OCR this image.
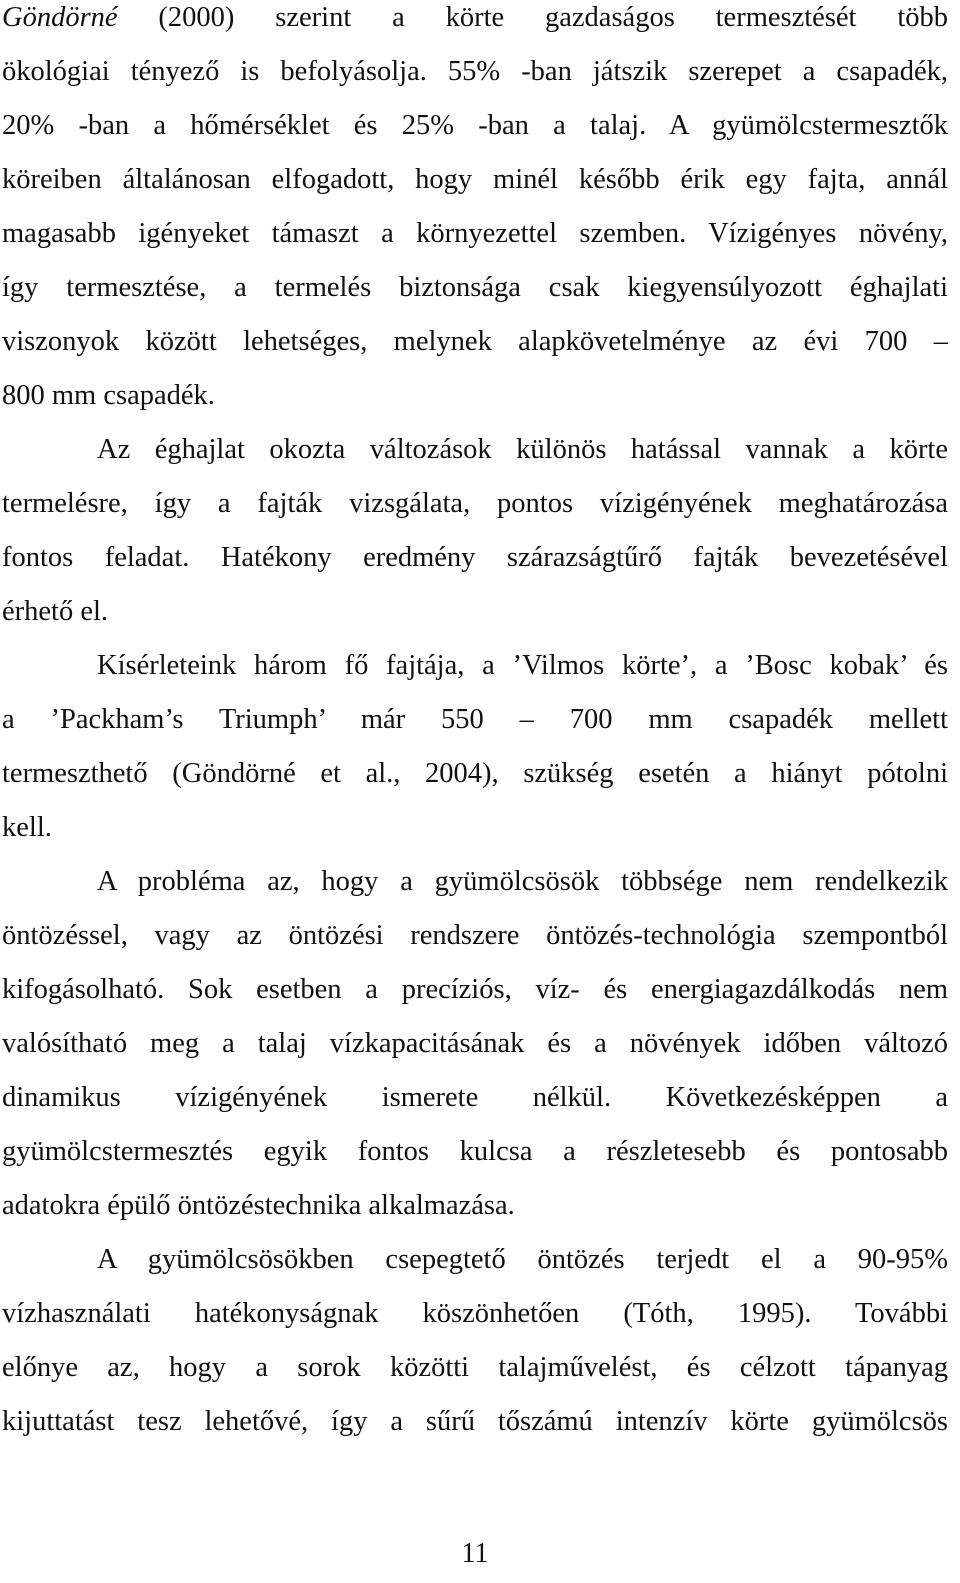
Göndörné (2000) szerint a körte gazdaságos termesztését több
ökológiai tényező is befolyásolja. 55% -ban játszik szerepet a csapadék,
20% -ban a hőmérséklet és 25% -ban a talaj. A gyümölcstermesztők
köreiben általánosan elfogadott, hogy minél később érik egy fajta, annál
magasabb igényeket támaszt a környezettel szemben. Vízigényes növény,
így termesztése, a termelés biztonsága csak kiegyensúlyozott éghajlati
viszonyok között lehetséges, melynek alapkövetelménye az évi 700 –
800 mm csapadék.
Az éghajlat okozta változások különös hatással vannak a körte
termelésre, így a fajták vizsgálata, pontos vízigényének meghatározása
fontos feladat. Hatékony eredmény szárazságtűrő fajták bevezetésével
érhető el.
Kísérleteink három fő fajtája, a ’Vilmos körte’, a ’Bosc kobak’ és
a ’Packham’s Triumph’ már 550 – 700 mm csapadék mellett
termeszthető (Göndörné et al., 2004), szükség esetén a hiányt pótolni
kell.
A probléma az, hogy a gyümölcsösök többsége nem rendelkezik
öntözéssel, vagy az öntözési rendszere öntözés-technológia szempontból
kifogásolható. Sok esetben a precíziós, víz- és energiagazdálkodás nem
valósítható meg a talaj vízkapacitásának és a növények időben változó
dinamikus vízigényének ismerete nélkül. Következésképpen a
gyümölcstermesztés egyik fontos kulcsa a részletesebb és pontosabb
adatokra épülő öntözéstechnika alkalmazása.
A gyümölcsösökben csepegtető öntözés terjedt el a 90-95%
vízhasználati hatékonyságnak köszönhetően (Tóth, 1995). További
előnye az, hogy a sorok közötti talajművelést, és célzott tápanyag
kijuttatást tesz lehetővé, így a sűrű tőszámú intenzív körte gyümölcsös
11
